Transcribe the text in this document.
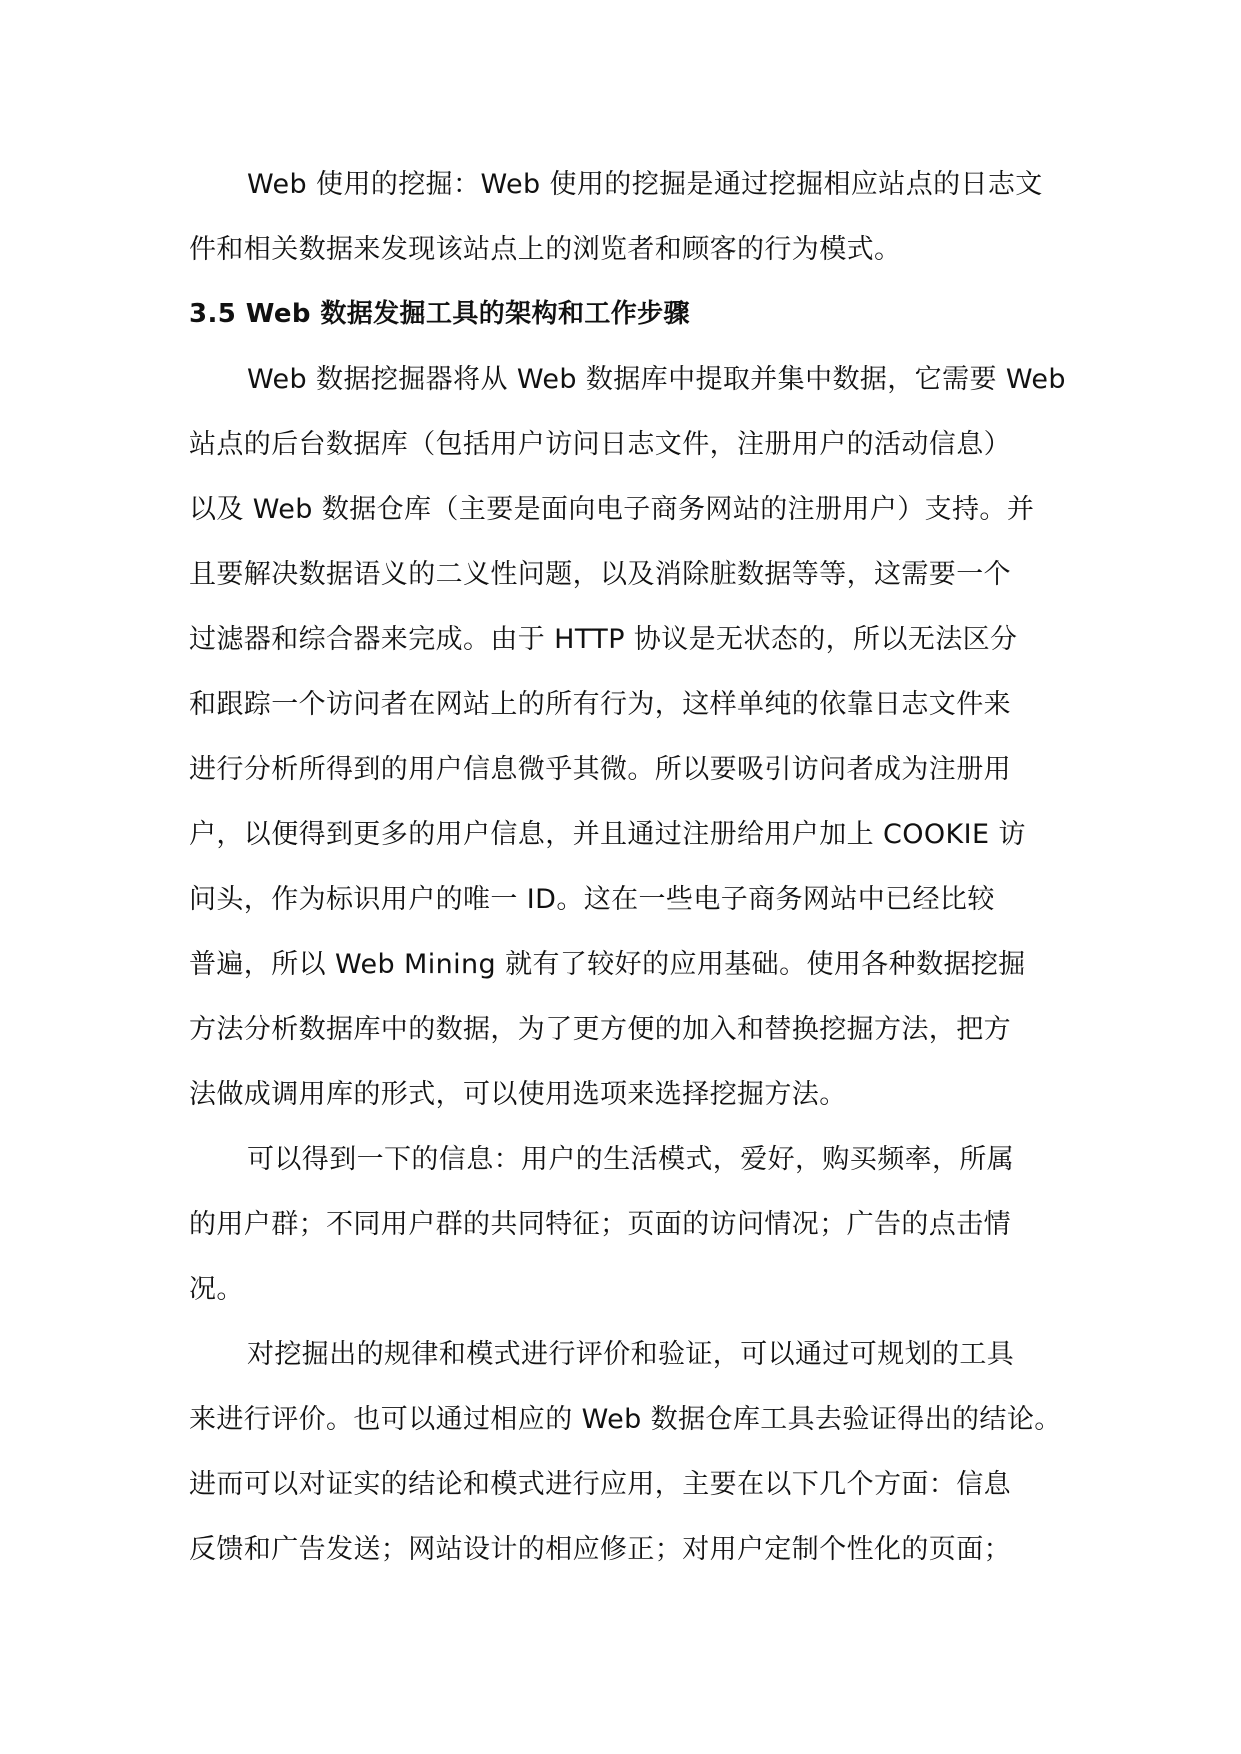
Web 使用的挖掘：Web 使用的挖掘是通过挖掘相应站点的日志文
件和相关数据来发现该站点上的浏览者和顾客的行为模式。

3.5 Web 数据发掘工具的架构和工作步骤

Web 数据挖掘器将从 Web 数据库中提取并集中数据，它需要 Web
站点的后台数据库（包括用户访问日志文件，注册用户的活动信息）
以及 Web 数据仓库（主要是面向电子商务网站的注册用户）支持。并
且要解决数据语义的二义性问题，以及消除脏数据等等，这需要一个
过滤器和综合器来完成。由于 HTTP 协议是无状态的，所以无法区分
和跟踪一个访问者在网站上的所有行为，这样单纯的依靠日志文件来
进行分析所得到的用户信息微乎其微。所以要吸引访问者成为注册用
户，以便得到更多的用户信息，并且通过注册给用户加上 COOKIE 访
问头，作为标识用户的唯一 ID。这在一些电子商务网站中已经比较
普遍，所以 Web Mining 就有了较好的应用基础。使用各种数据挖掘
方法分析数据库中的数据，为了更方便的加入和替换挖掘方法，把方
法做成调用库的形式，可以使用选项来选择挖掘方法。

可以得到一下的信息：用户的生活模式，爱好，购买频率，所属
的用户群；不同用户群的共同特征；页面的访问情况；广告的点击情
况。

对挖掘出的规律和模式进行评价和验证，可以通过可规划的工具
来进行评价。也可以通过相应的 Web 数据仓库工具去验证得出的结论。
进而可以对证实的结论和模式进行应用，主要在以下几个方面：信息
反馈和广告发送；网站设计的相应修正；对用户定制个性化的页面；
